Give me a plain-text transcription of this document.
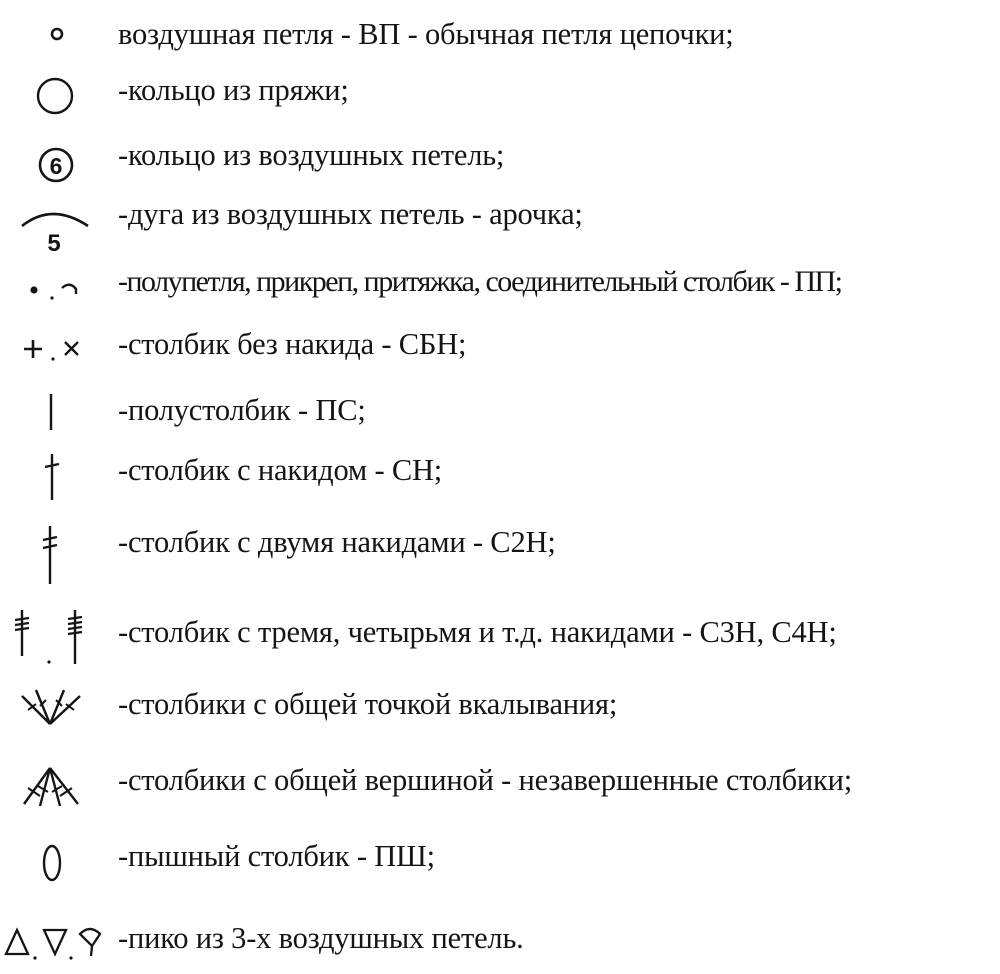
воздушная петля - ВП - обычная петля цепочки;
-кольцо из пряжи;
6 -кольцо из воздушных петель;
5
-дуга из воздушных петель - арочка;
-полупетля, прикреп, притяжка, соединительный столбик - ПП;
-столбик без накида - СБН;
-полустолбик - ПС;
-столбик с накидом - СН;
-столбик с двумя накидами - С2Н;
-столбик с тремя, четырьмя и т.д. накидами - С3Н, С4Н;
-столбики с общей точкой вкалывания;
-столбики с общей вершиной - незавершенные столбики;
-пышный столбик - ПШ;
-пико из 3-х воздушных петель.
